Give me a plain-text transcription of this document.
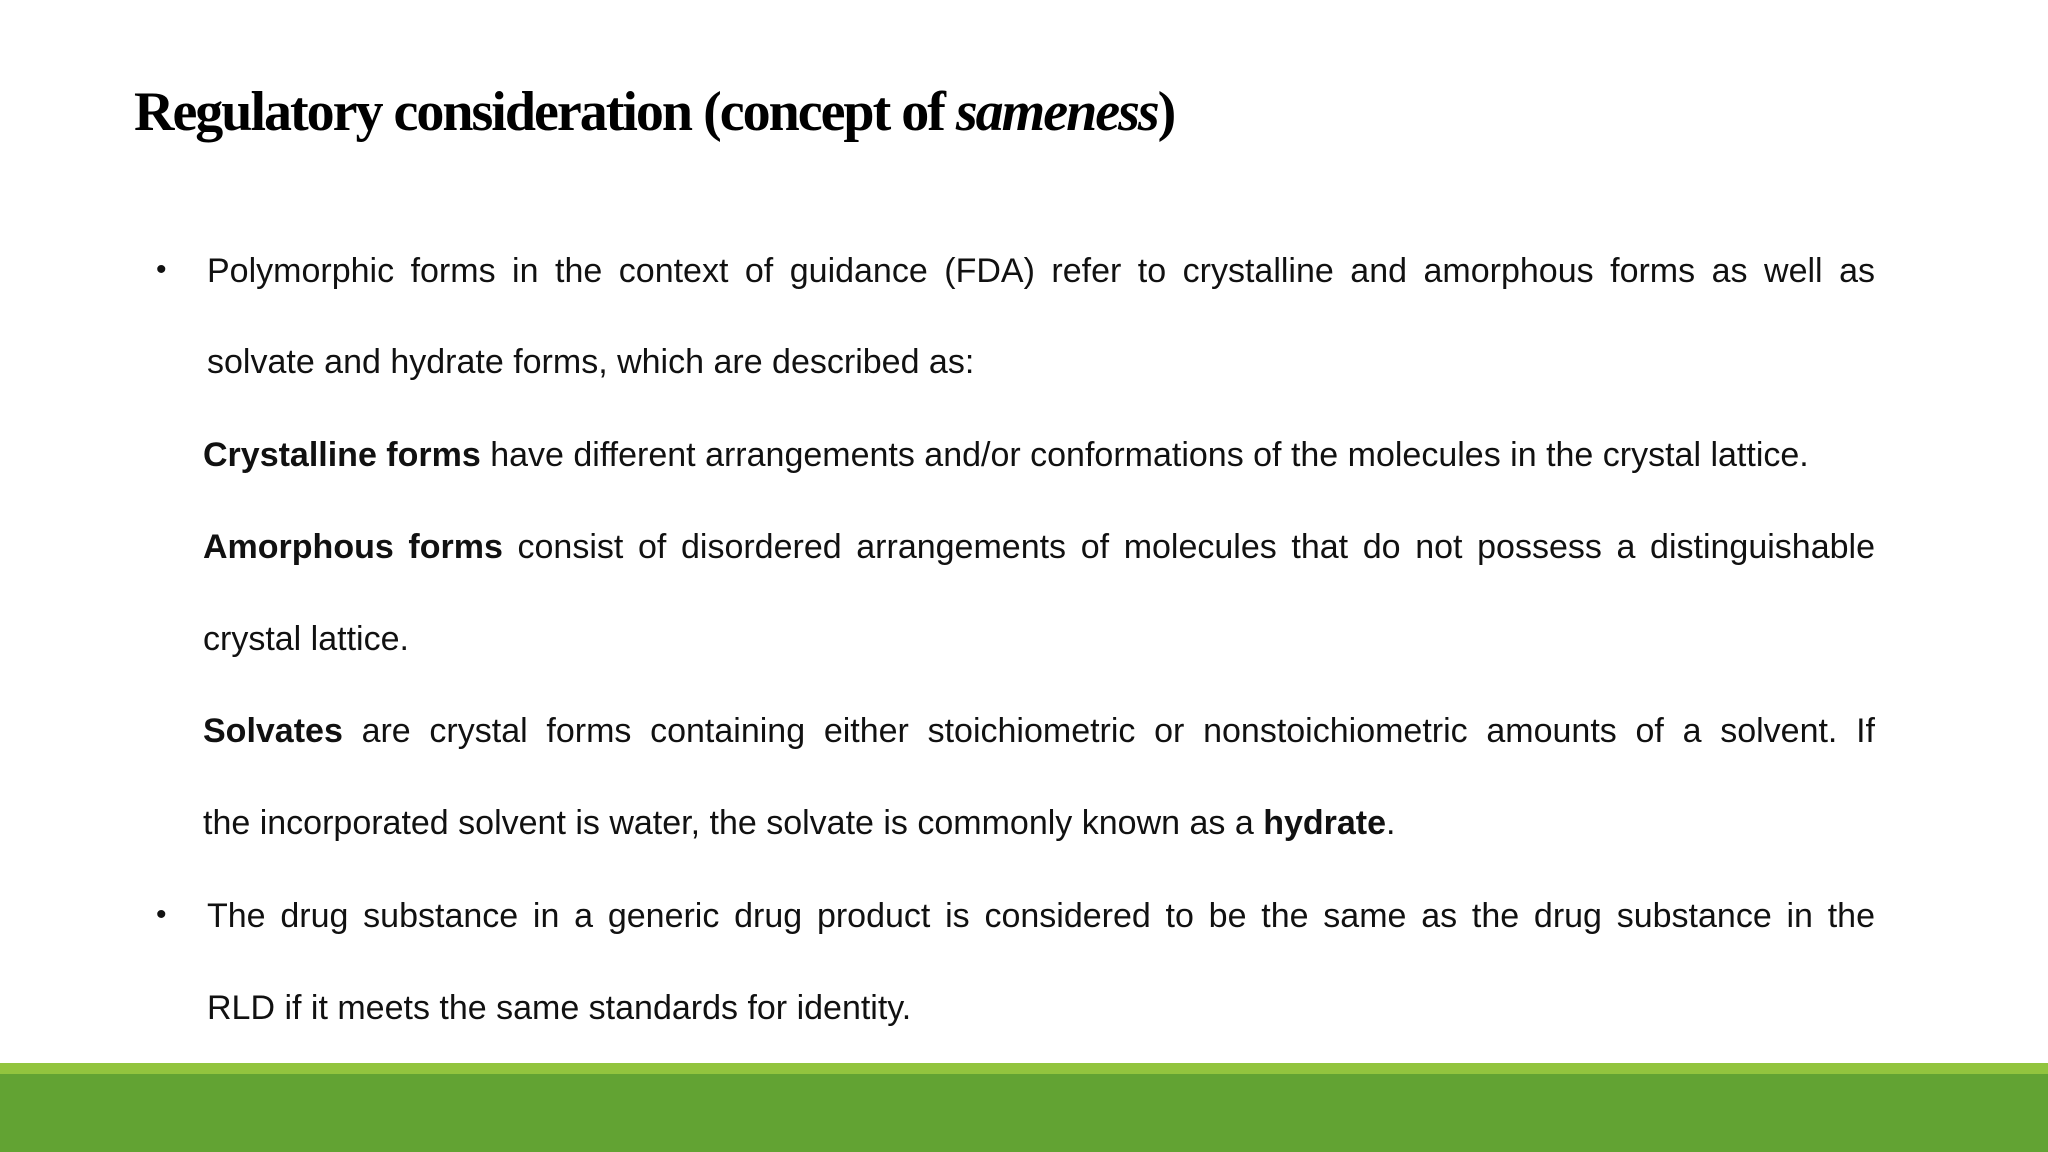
Regulatory consideration (concept of sameness)
• Polymorphic forms in the context of guidance (FDA) refer to crystalline and amorphous forms as well as
solvate and hydrate forms, which are described as:
Crystalline forms have different arrangements and/or conformations of the molecules in the crystal lattice.
Amorphous forms consist of disordered arrangements of molecules that do not possess a distinguishable
crystal lattice.
Solvates are crystal forms containing either stoichiometric or nonstoichiometric amounts of a solvent. If
the incorporated solvent is water, the solvate is commonly known as a hydrate.
• The drug substance in a generic drug product is considered to be the same as the drug substance in the
RLD if it meets the same standards for identity.
